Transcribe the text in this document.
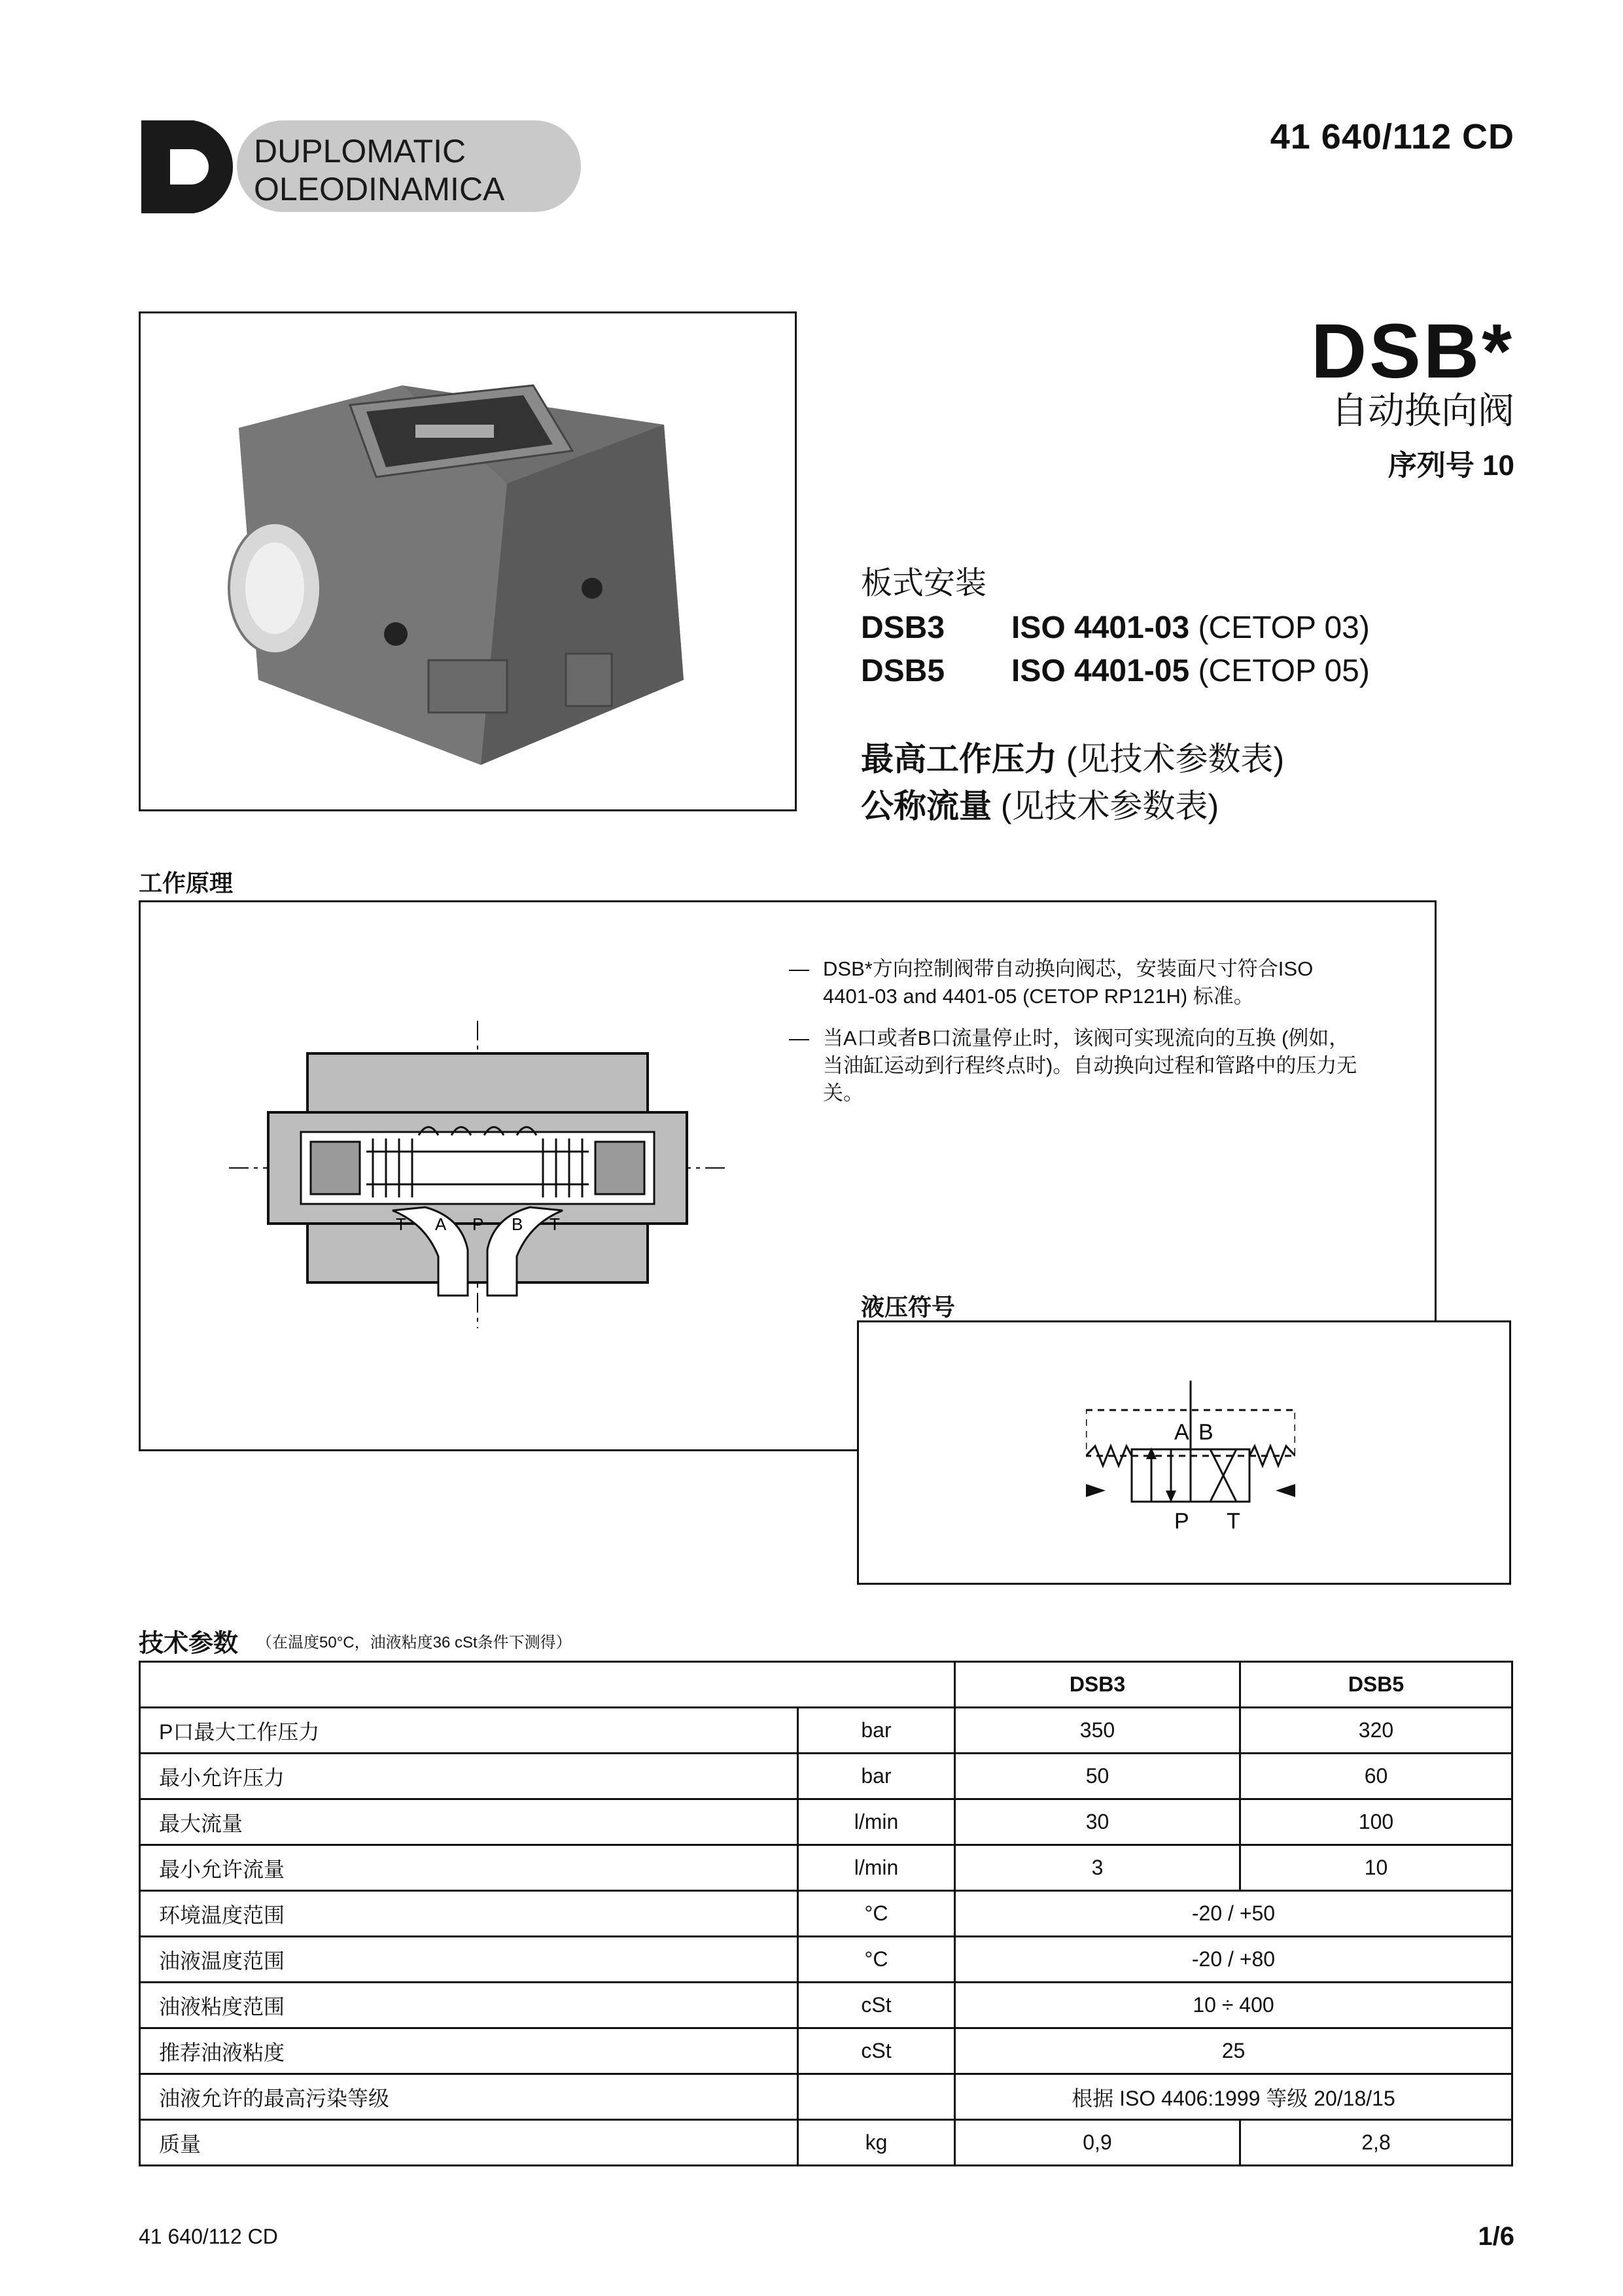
DUPLOMATIC
OLEODINAMICA
41 640/112 CD
DSB*
自动换向阀
序列号 10
板式安装
DSB3 ISO 4401-03 (CETOP 03)
DSB5 ISO 4401-05 (CETOP 05)
最高工作压力 (见技术参数表)
公称流量 (见技术参数表)
工作原理
T A P B T
— DSB*方向控制阀带自动换向阀芯，安装面尺寸符合ISO 4401-03 and 4401-05 (CETOP RP121H) 标准。
— 当A口或者B口流量停止时，该阀可实现流向的互换 (例如，当油缸运动到行程终点时)。自动换向过程和管路中的压力无关。
液压符号
A B
P T
技术参数 （在温度50°C，油液粘度36 cSt条件下测得）
		DSB3	DSB5
P口最大工作压力	bar	350	320
最小允许压力	bar	50	60
最大流量	l/min	30	100
最小允许流量	l/min	3	10
环境温度范围	°C	-20 / +50	
油液温度范围	°C	-20 / +80	
油液粘度范围	cSt	10 ÷ 400	
推荐油液粘度	cSt	25	
油液允许的最高污染等级		根据 ISO 4406:1999 等级 20/18/15	
质量	kg	0,9	2,8
41 640/112 CD	1/6
